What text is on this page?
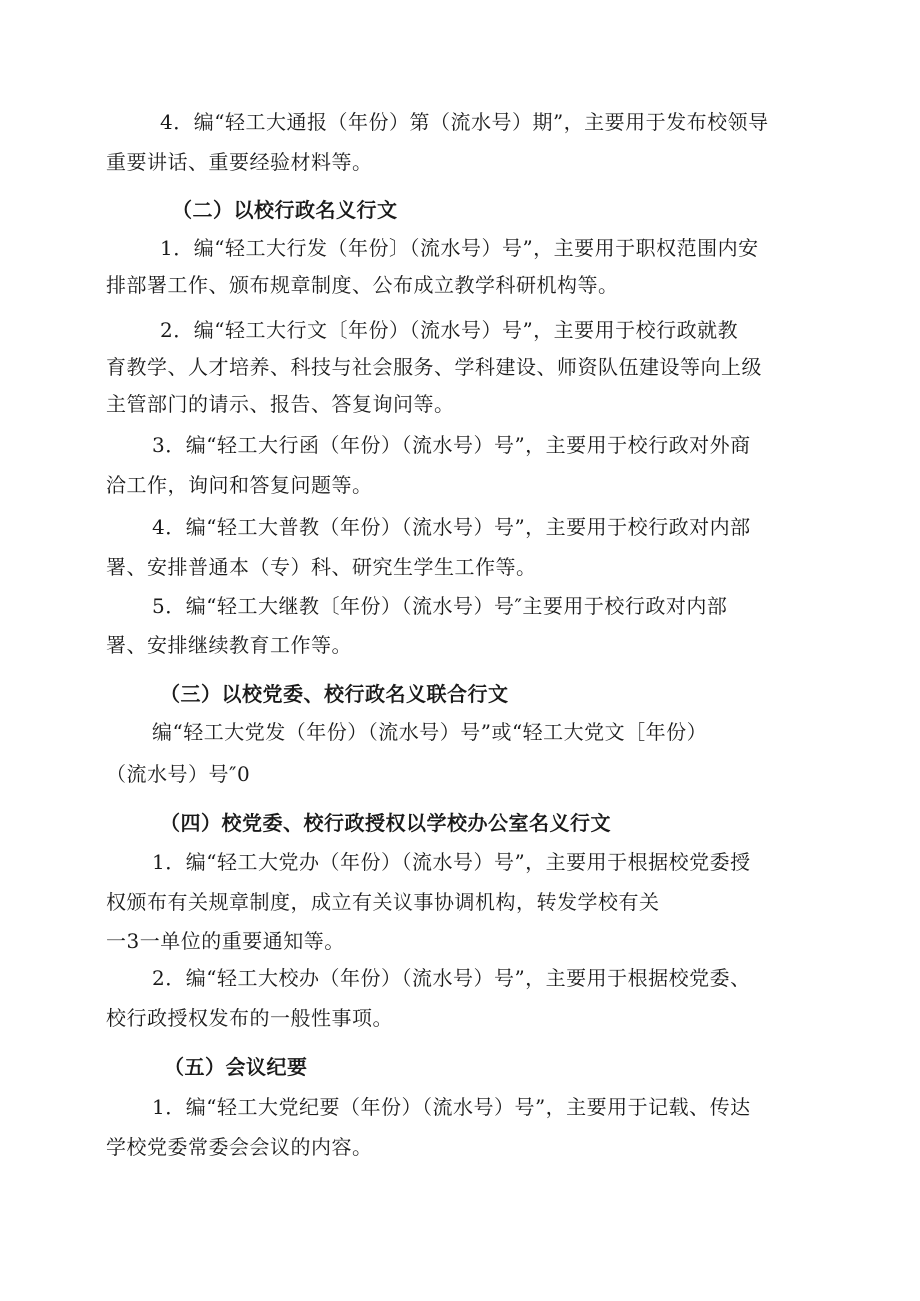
4．编“轻工大通报（年份）第（流水号）期”，主要用于发布校领导
重要讲话、重要经验材料等。
（二）以校行政名义行文
1．编“轻工大行发（年份〕（流水号）号”，主要用于职权范围内安
排部署工作、颁布规章制度、公布成立教学科研机构等。
2．编“轻工大行文〔年份）（流水号）号”，主要用于校行政就教
育教学、人才培养、科技与社会服务、学科建设、师资队伍建设等向上级
主管部门的请示、报告、答复询问等。
3．编“轻工大行函（年份）（流水号）号”，主要用于校行政对外商
洽工作，询问和答复问题等。
4．编“轻工大普教（年份）（流水号）号”，主要用于校行政对内部
署、安排普通本（专）科、研究生学生工作等。
5．编“轻工大继教〔年份）（流水号）号″主要用于校行政对内部
署、安排继续教育工作等。
（三）以校党委、校行政名义联合行文
编“轻工大党发（年份）（流水号）号”或“轻工大党文［年份）
（流水号）号″0
（四）校党委、校行政授权以学校办公室名义行文
1．编“轻工大党办（年份）（流水号）号”，主要用于根据校党委授
权颁布有关规章制度，成立有关议事协调机构，转发学校有关
一3一单位的重要通知等。
2．编“轻工大校办（年份）（流水号）号”，主要用于根据校党委、
校行政授权发布的一般性事项。
（五）会议纪要
1．编“轻工大党纪要（年份）（流水号）号”，主要用于记载、传达
学校党委常委会会议的内容。
